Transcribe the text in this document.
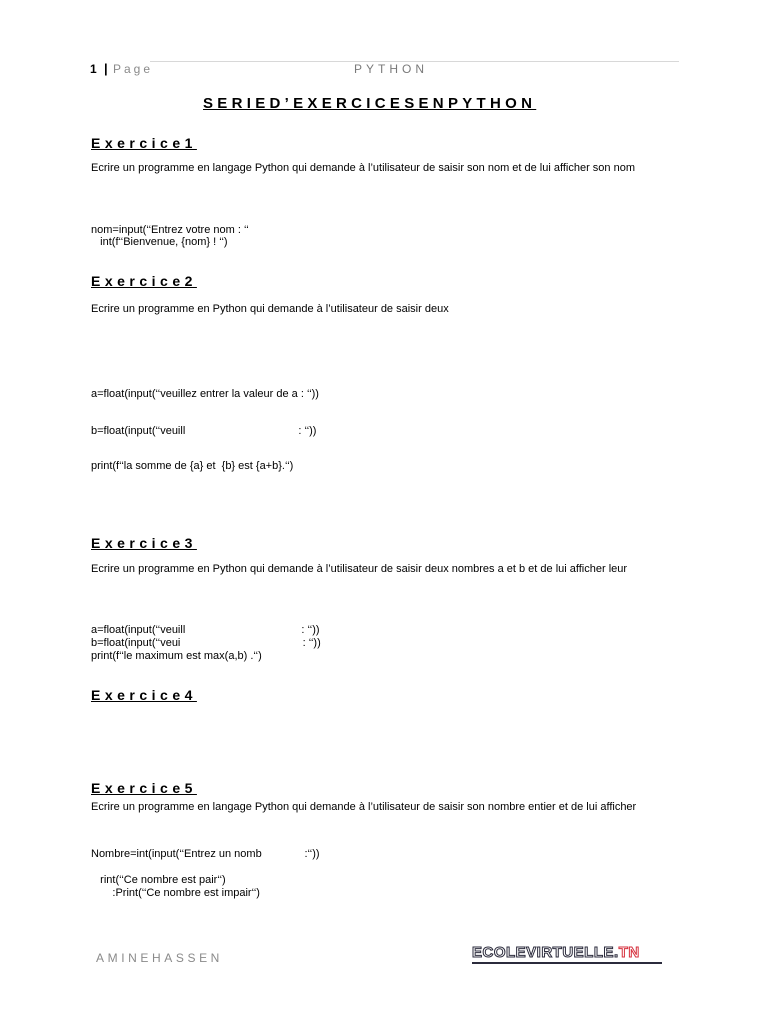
1 | Page	PYTHON
SERIED’EXERCICESENPYTHON
Exercice1
Ecrire un programme en langage Python qui demande à l’utilisateur de saisir son nom et de lui afficher son nom
nom=input(‘‘Entrez votre nom : ‘‘
int(f‘‘Bienvenue, {nom} ! ‘‘)
Exercice2
Ecrire un programme en Python qui demande à l’utilisateur de saisir deux
a=float(input(‘‘veuillez entrer la valeur de a : ‘‘))
b=float(input(‘‘veuill                                     : ‘‘))
print(f‘‘la somme de {a} et  {b} est {a+b}.‘‘)
Exercice3
Ecrire un programme en Python qui demande à l’utilisateur de saisir deux nombres a et b et de lui afficher leur
a=float(input(‘‘veuill                                      : ‘‘))
b=float(input(‘‘veui                                        : ‘‘))
print(f‘‘le maximum est max(a,b) .‘‘)
Exercice4
Exercice5
Ecrire un programme en langage Python qui demande à l’utilisateur de saisir son nombre entier et de lui afficher
Nombre=int(input(‘‘Entrez un nomb              :‘‘))
rint(‘‘Ce nombre est pair‘‘)
:Print(‘‘Ce nombre est impair‘‘)
AMINEHASSEN	ECOLEVIRTUELLE.TN
